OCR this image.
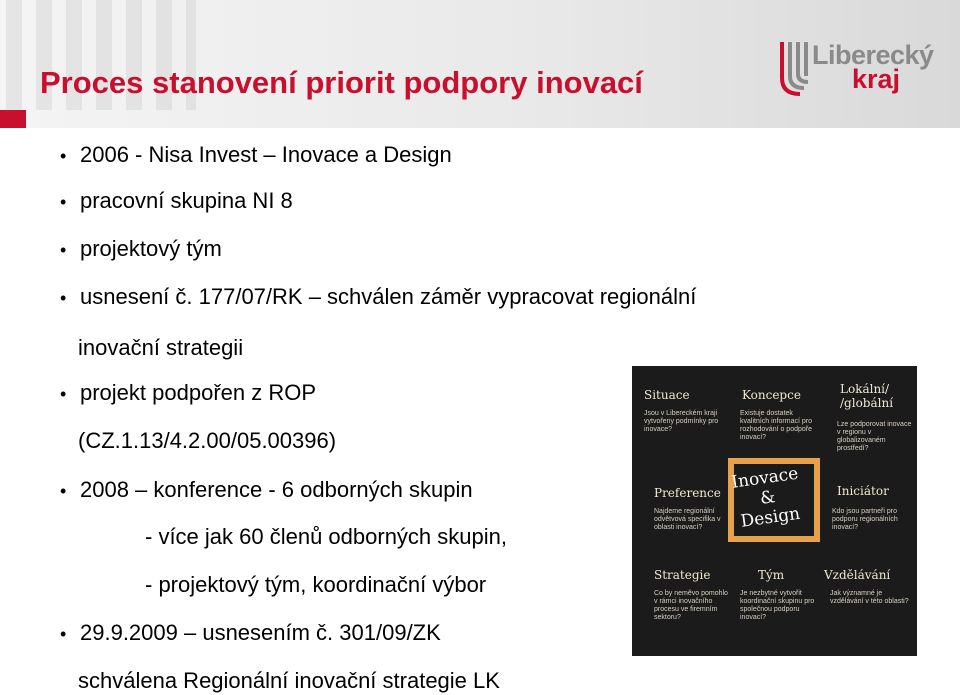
Proces stanovení priorit podpory inovací
Liberecký
kraj
• 2006 - Nisa Invest – Inovace a Design
• pracovní skupina NI 8
• projektový tým
• usnesení č. 177/07/RK – schválen záměr vypracovat regionální
inovační strategii
• projekt podpořen z ROP
(CZ.1.13/4.2.00/05.00396)
• 2008 – konference - 6 odborných skupin
- více jak 60 členů odborných skupin,
- projektový tým, koordinační výbor
• 29.9.2009 – usnesením č. 301/09/ZK
schválena Regionální inovační strategie LK
Situace
Jsou v Libereckém kraji vytvořeny podmínky pro inovace?
Koncepce
Existuje dostatek kvalitních informací pro rozhodování o podpoře inovací?
Lokální/
/globální
Lze podporovat inovace v regionu v globalizovaném prostředí?
Inovace
&
Design
Preference
Najdeme regionální odvětvová specifika v oblasti inovací?
Iniciátor
Kdo jsou partneři pro podporu regionálních inovací?
Strategie
Co by neměvo pomohlo v rámci inovačního procesu ve firemním sektoru?
Tým
Je nezbytné vytvořit koordinační skupinu pro společnou podporu inovací?
Vzdělávání
Jak významné je vzdělávání v této oblasti?
